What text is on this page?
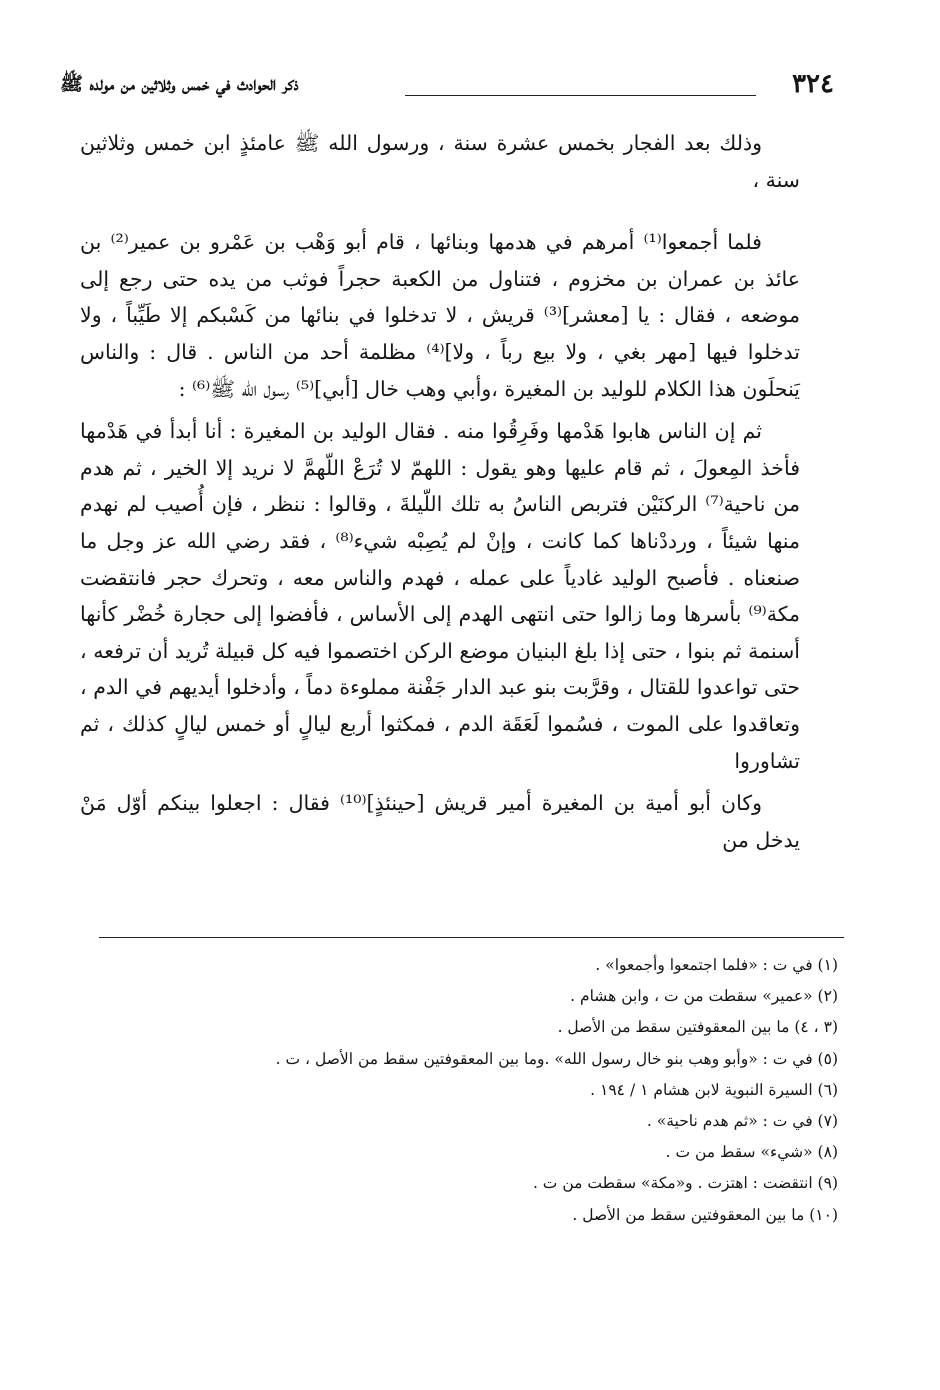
٣٢٤
ذكر الحوادث في خمس وثلاثين من مولده ﷺ

وذلك بعد الفجار بخمس عشرة سنة ، ورسول الله ﷺ عامئذٍ ابن خمس وثلاثين سنة ،

فلما أجمعوا⁽¹⁾ أمرهم في هدمها وبنائها ، قام أبو وَهْب بن عَمْرو بن عمير⁽²⁾ بن عائذ بن عمران بن مخزوم ، فتناول من الكعبة حجراً فوثب من يده حتى رجع إلى موضعه ، فقال : يا [معشر]⁽³⁾ قريش ، لا تدخلوا في بنائها من كَسْبكم إلا طَيِّباً ، ولا تدخلوا فيها [مهر بغي ، ولا بيع رباً ، ولا]⁽⁴⁾ مظلمة أحد من الناس . قال : والناس يَنحلَون هذا الكلام للوليد بن المغيرة ،وأبي وهب خال [أبي]⁽⁵⁾ رسول الله ﷺ⁽⁶⁾ :

ثم إن الناس هابوا هَدْمها وفَرِقُوا منه . فقال الوليد بن المغيرة : أنا أبدأ في هَدْمها فأخذ المِعولَ ، ثم قام عليها وهو يقول : اللهمّ لا تُرَعْ اللّهمَّ لا نريد إلا الخير ، ثم هدم من ناحية⁽⁷⁾ الركنَيْن فتربص الناسُ به تلك اللّيلةَ ، وقالوا : ننظر ، فإن أُصيب لم نهدم منها شيئاً ، ورددْناها كما كانت ، وإنْ لم يُصِبْه شيء⁽⁸⁾ ، فقد رضي الله عز وجل ما صنعناه . فأصبح الوليد غادياً على عمله ، فهدم والناس معه ، وتحرك حجر فانتقضت مكة⁽⁹⁾ بأسرها وما زالوا حتى انتهى الهدم إلى الأساس ، فأفضوا إلى حجارة خُضْر كأنها أسنمة ثم بنوا ، حتى إذا بلغ البنيان موضع الركن اختصموا فيه كل قبيلة تُريد أن ترفعه ، حتى تواعدوا للقتال ، وقرَّبت بنو عبد الدار جَفْنة مملوءة دماً ، وأدخلوا أيديهم في الدم ، وتعاقدوا على الموت ، فسُموا لَعَقَة الدم ، فمكثوا أربع ليالٍ أو خمس ليالٍ كذلك ، ثم تشاوروا

وكان أبو أمية بن المغيرة أمير قريش [حينئذٍ]⁽¹⁰⁾ فقال : اجعلوا بينكم أوّل مَنْ يدخل من

(١) في ت : «فلما اجتمعوا وأجمعوا» .

(٢) «عمير» سقطت من ت ، وابن هشام .

(٣ ، ٤) ما بين المعقوفتين سقط من الأصل .

(٥) في ت : «وأبو وهب بنو خال رسول الله» .وما بين المعقوفتين سقط من الأصل ، ت .

(٦) السيرة النبوية لابن هشام ١ / ١٩٤ .

(٧) في ت : «ثم هدم ناحية» .

(٨) «شيء» سقط من ت .

(٩) انتقضت : اهتزت . و«مكة» سقطت من ت .

(١٠) ما بين المعقوفتين سقط من الأصل .
